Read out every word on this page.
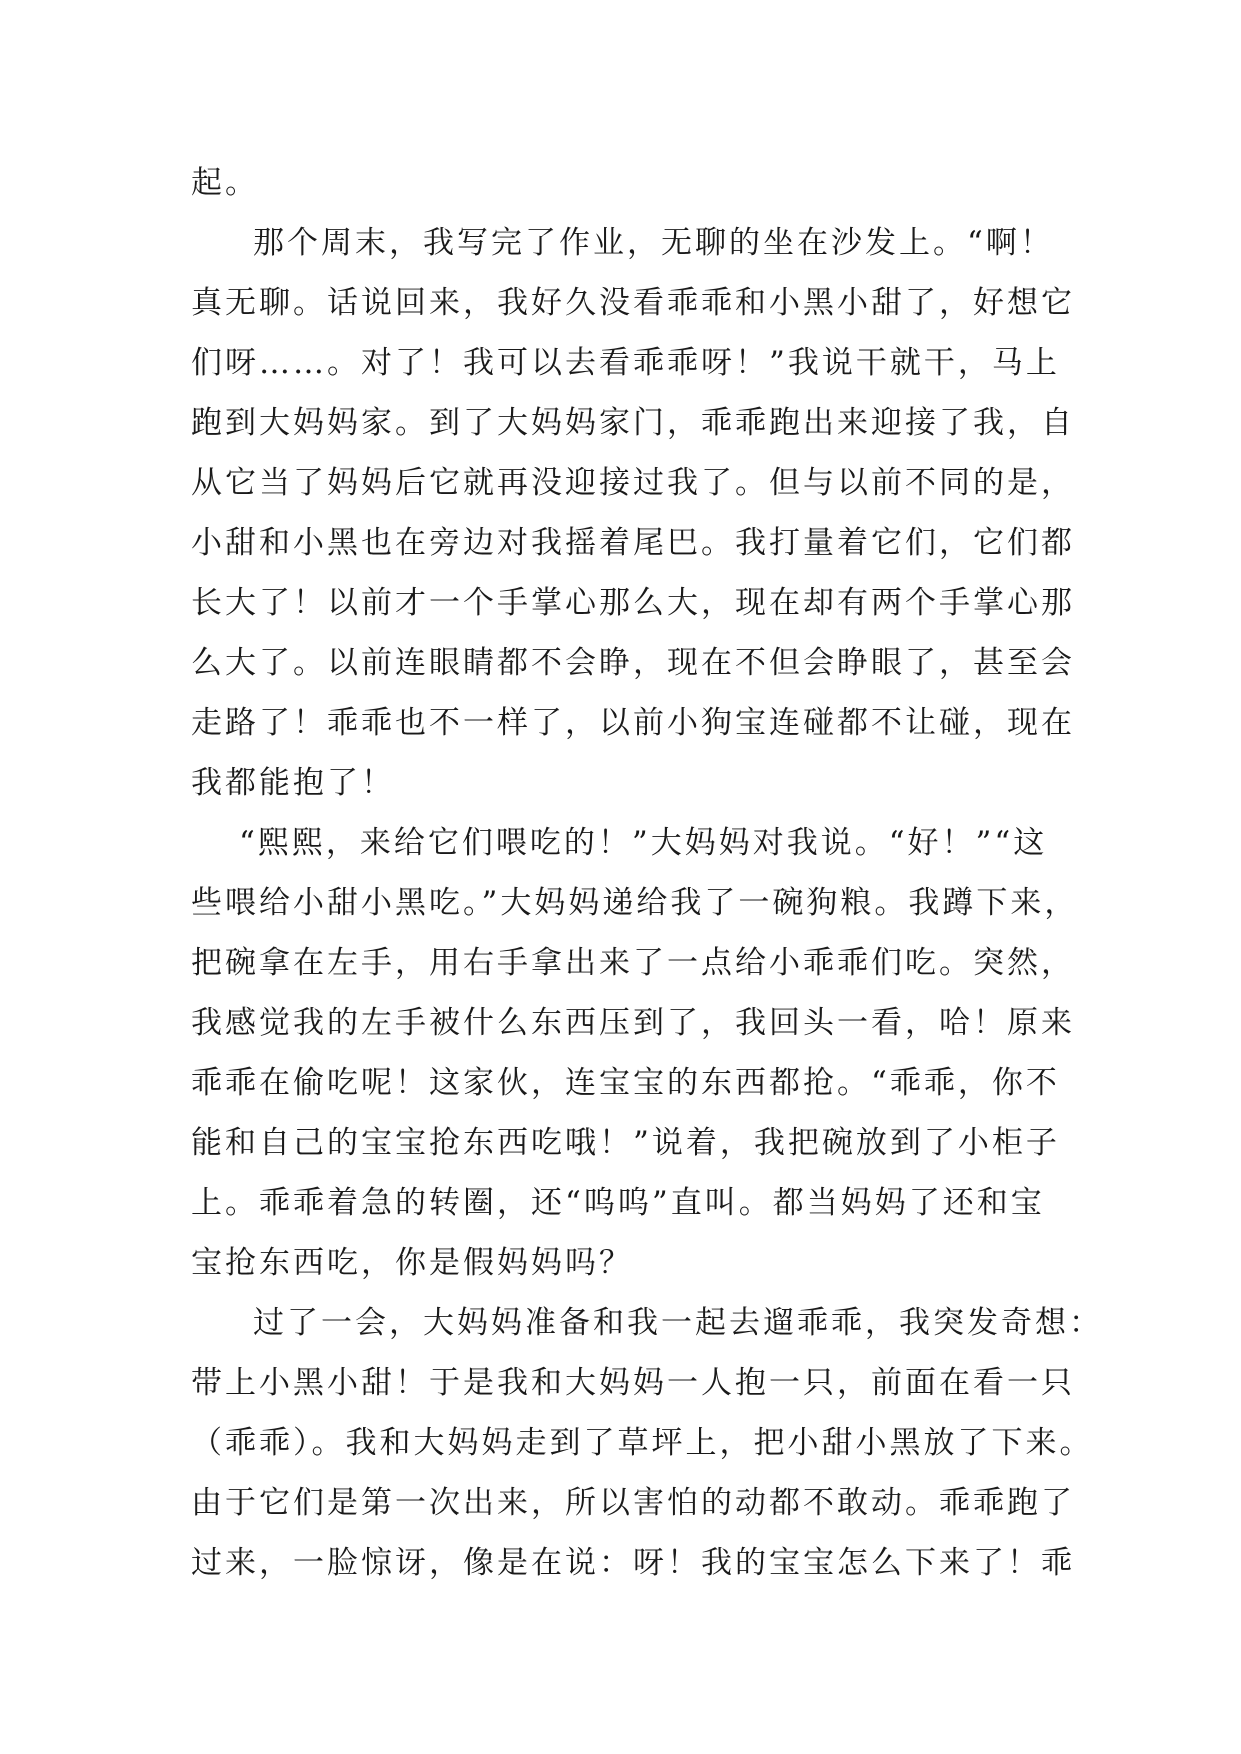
起。
那个周末，我写完了作业，无聊的坐在沙发上。“啊！
真无聊。话说回来，我好久没看乖乖和小黑小甜了，好想它
们呀……。对了！我可以去看乖乖呀！”我说干就干，马上
跑到大妈妈家。到了大妈妈家门，乖乖跑出来迎接了我，自
从它当了妈妈后它就再没迎接过我了。但与以前不同的是，
小甜和小黑也在旁边对我摇着尾巴。我打量着它们，它们都
长大了！以前才一个手掌心那么大，现在却有两个手掌心那
么大了。以前连眼睛都不会睁，现在不但会睁眼了，甚至会
走路了！乖乖也不一样了，以前小狗宝连碰都不让碰，现在
我都能抱了！
“熙熙，来给它们喂吃的！”大妈妈对我说。“好！”“这
些喂给小甜小黑吃。”大妈妈递给我了一碗狗粮。我蹲下来，
把碗拿在左手，用右手拿出来了一点给小乖乖们吃。突然，
我感觉我的左手被什么东西压到了，我回头一看，哈！原来
乖乖在偷吃呢！这家伙，连宝宝的东西都抢。“乖乖，你不
能和自己的宝宝抢东西吃哦！”说着，我把碗放到了小柜子
上。乖乖着急的转圈，还“呜呜”直叫。都当妈妈了还和宝
宝抢东西吃，你是假妈妈吗？
过了一会，大妈妈准备和我一起去遛乖乖，我突发奇想：
带上小黑小甜！于是我和大妈妈一人抱一只，前面在看一只
（乖乖）。我和大妈妈走到了草坪上，把小甜小黑放了下来。
由于它们是第一次出来，所以害怕的动都不敢动。乖乖跑了
过来，一脸惊讶，像是在说：呀！我的宝宝怎么下来了！乖
